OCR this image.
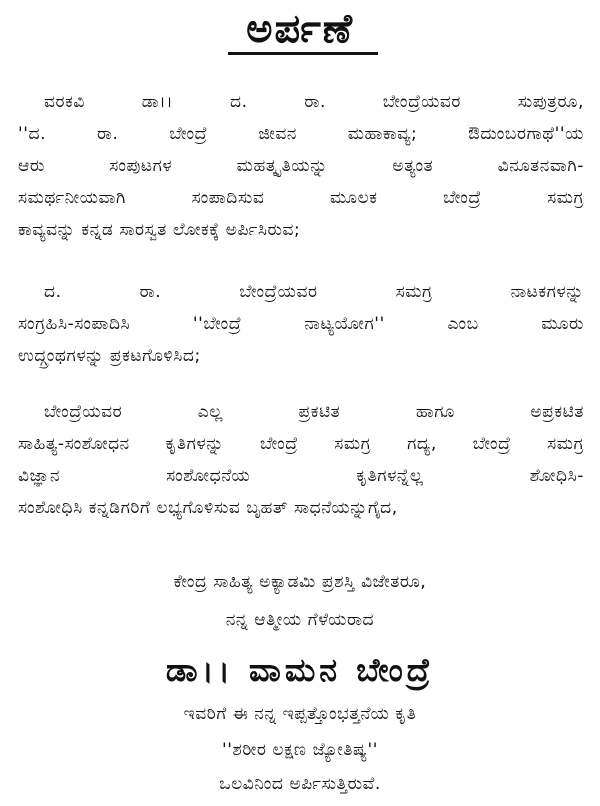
ಅರ್ಪಣೆ
ವರಕವಿ ಡಾ।। ದ. ರಾ. ಬೇಂದ್ರೆಯವರ ಸುಪುತ್ರರೂ,
''ದ. ರಾ. ಬೇಂದ್ರೆ ಜೀವನ ಮಹಾಕಾವ್ಯ; ಔದುಂಬರಗಾಥೆ''ಯ
ಆರು ಸಂಪುಟಗಳ ಮಹತ್ಕೃತಿಯನ್ನು ಅತ್ಯಂತ ವಿನೂತನವಾಗಿ-
ಸಮರ್ಥನೀಯವಾಗಿ ಸಂಪಾದಿಸುವ ಮೂಲಕ ಬೇಂದ್ರೆ ಸಮಗ್ರ
ಕಾವ್ಯವನ್ನು ಕನ್ನಡ ಸಾರಸ್ವತ ಲೋಕಕ್ಕೆ ಅರ್ಪಿಸಿರುವ;
ದ. ರಾ. ಬೇಂದ್ರೆಯವರ ಸಮಗ್ರ ನಾಟಕಗಳನ್ನು
ಸಂಗ್ರಹಿಸಿ-ಸಂಪಾದಿಸಿ ''ಬೇಂದ್ರೆ ನಾಟ್ಯಯೋಗ'' ಎಂಬ ಮೂರು
ಉದ್ಗ್ರಂಥಗಳನ್ನು ಪ್ರಕಟಗೊಳಿಸಿದ;
ಬೇಂದ್ರೆಯವರ ಎಲ್ಲ ಪ್ರಕಟಿತ ಹಾಗೂ ಅಪ್ರಕಟಿತ
ಸಾಹಿತ್ಯ-ಸಂಶೋಧನ ಕೃತಿಗಳನ್ನು ಬೇಂದ್ರೆ ಸಮಗ್ರ ಗದ್ಯ, ಬೇಂದ್ರೆ ಸಮಗ್ರ
ವಿಜ್ಞಾನ ಸಂಶೋಧನೆಯ ಕೃತಿಗಳನ್ನೆಲ್ಲ ಶೋಧಿಸಿ-
ಸಂಶೋಧಿಸಿ ಕನ್ನಡಿಗರಿಗೆ ಲಭ್ಯಗೊಳಿಸುವ ಬೃಹತ್ ಸಾಧನೆಯನ್ನುಗೈದ,
ಕೇಂದ್ರ ಸಾಹಿತ್ಯ ಅಕ್ಯಾಡಮಿ ಪ್ರಶಸ್ತಿ ವಿಜೇತರೂ,
ನನ್ನ ಆತ್ಮೀಯ ಗೆಳೆಯರಾದ
ಡಾ।। ವಾಮನ ಬೇಂದ್ರೆ
ಇವರಿಗೆ ಈ ನನ್ನ ಇಪ್ಪತ್ತೊಂಭತ್ತನೆಯ ಕೃತಿ
''ಶರೀರ ಲಕ್ಷಣ ಜ್ಯೋತಿಷ್ಯ''
ಒಲವಿನಿಂದ ಅರ್ಪಿಸುತ್ತಿರುವೆ.
